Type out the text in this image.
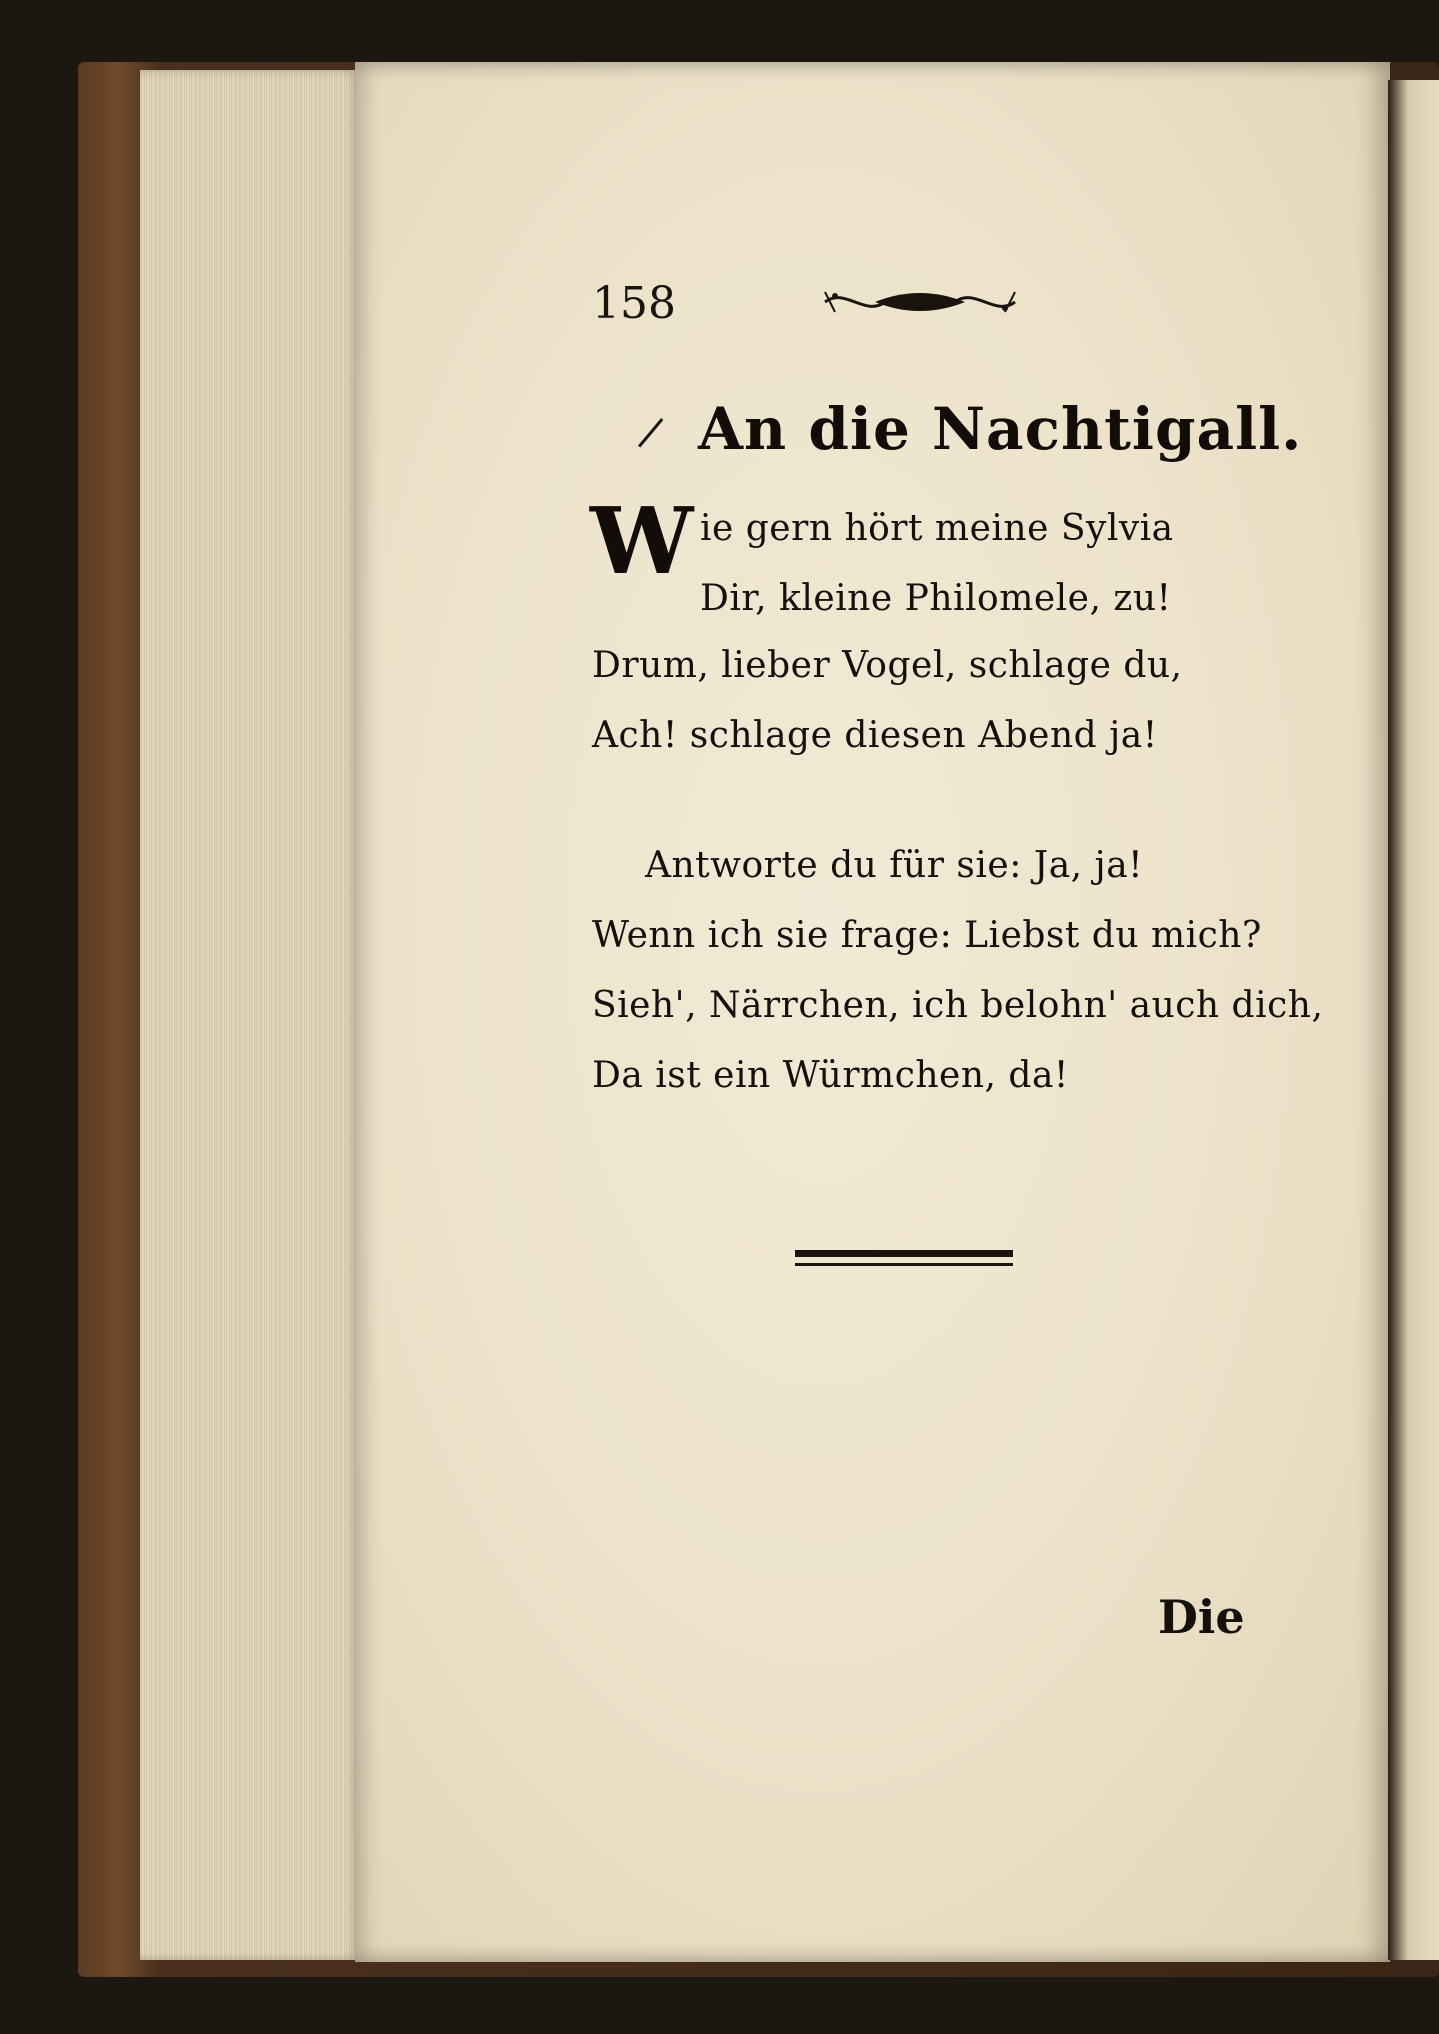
158
An die Nachtigall.
W ie gern hört meine Sylvia
Dir, kleine Philomele, zu!
Drum, lieber Vogel, schlage du,
Ach! schlage diesen Abend ja!
Antworte du für sie: Ja, ja!
Wenn ich sie frage: Liebst du mich?
Sieh', Närrchen, ich belohn' auch dich,
Da ist ein Würmchen, da!
Die
